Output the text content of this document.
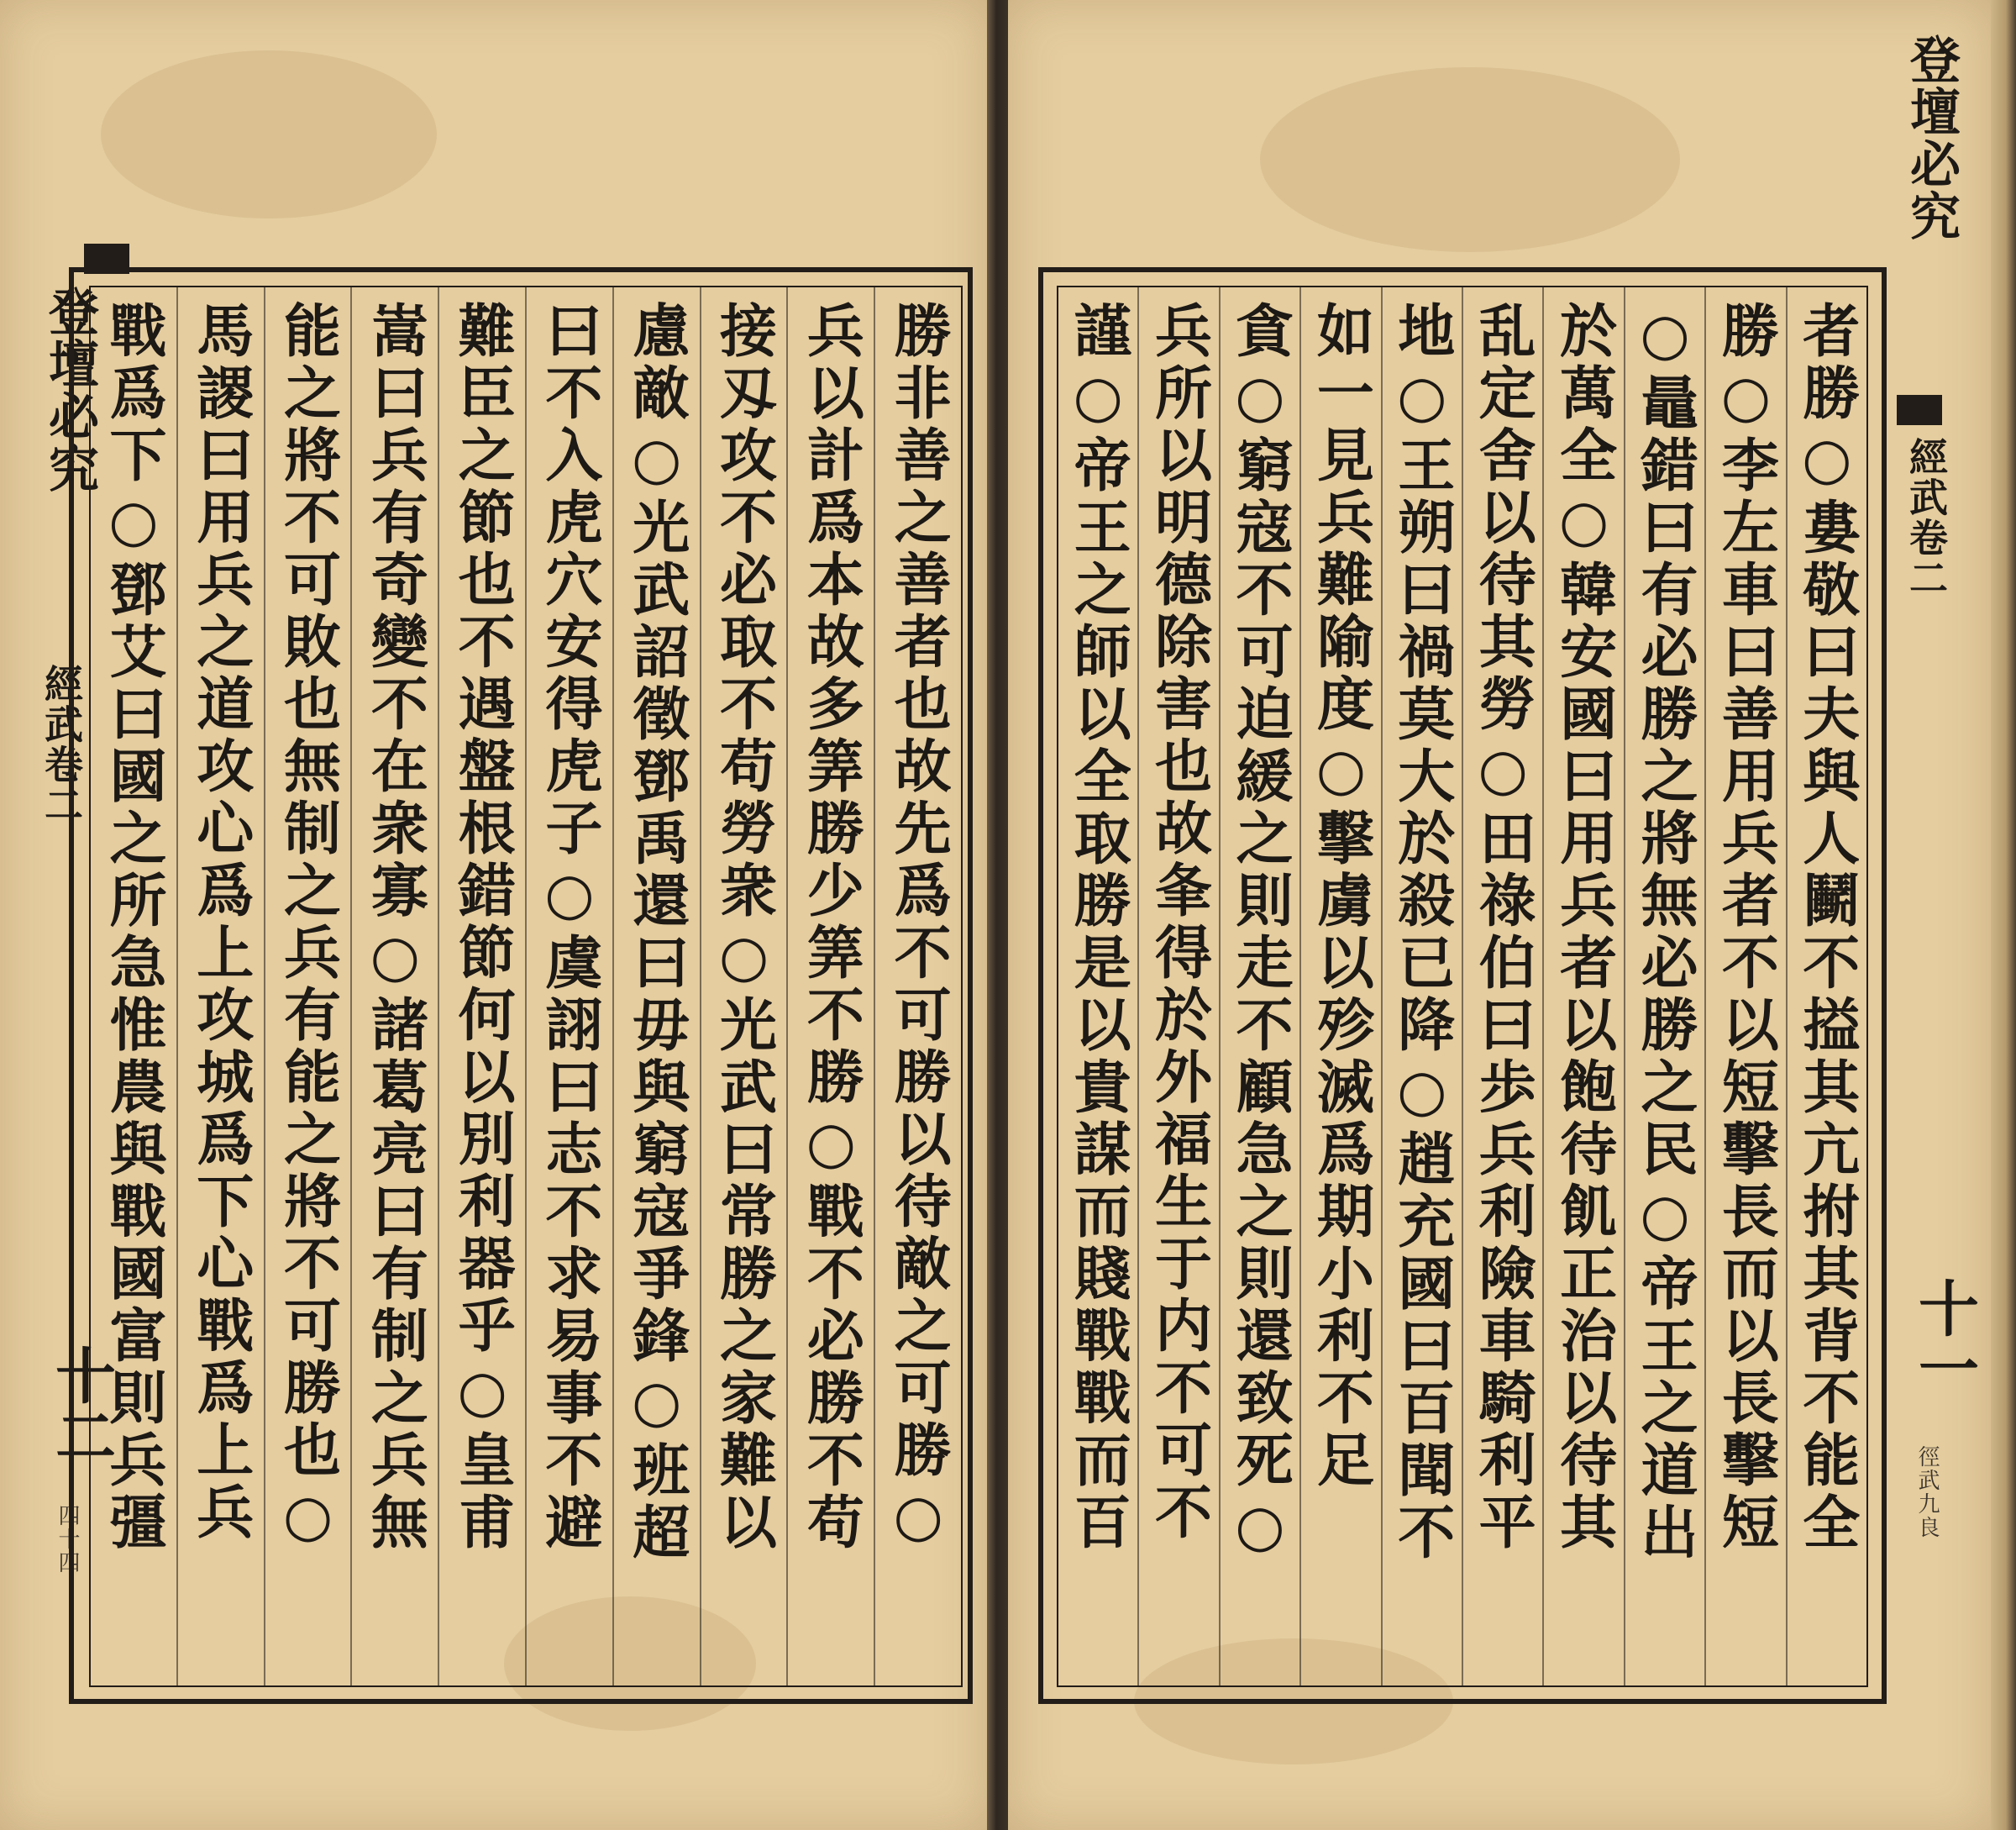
登壇必究
經武卷二
十二
四十四	勝非善之善者也故先爲不可勝以待敵之可勝○
兵以計爲本故多筭勝少筭不勝○戰不必勝不苟
接刄攻不必取不苟勞衆○光武曰常勝之家難以
慮敵○光武詔徵鄧禹還曰毋與窮寇爭鋒○班超
曰不入虎穴安得虎子○虞詡曰志不求易事不避
難臣之節也不遇盤根錯節何以別利器乎○皇甫
嵩曰兵有奇變不在衆寡○諸葛亮曰有制之兵無
能之將不可敗也無制之兵有能之將不可勝也○
馬謖曰用兵之道攻心爲上攻城爲下心戰爲上兵
戰爲下○鄧艾曰國之所急惟農與戰國富則兵彊	者勝○婁敬曰夫與人鬭不搤其亢拊其背不能全
勝○李左車曰善用兵者不以短擊長而以長擊短
○鼂錯曰有必勝之將無必勝之民○帝王之道出
於萬全○韓安國曰用兵者以飽待飢正治以待其
乱定舍以待其勞○田祿伯曰歩兵利險車騎利平
地○王朔曰禍莫大於殺已降○趙充國曰百聞不
如一見兵難隃度○擊虜以殄滅爲期小利不足
貪○窮寇不可迫緩之則走不顧急之則還致死○
兵所以明德除害也故夆得於外福生于内不可不
謹○帝王之師以全取勝是以貴謀而賤戰戰而百
登壇必究
經武卷二
十一
徑武九良
